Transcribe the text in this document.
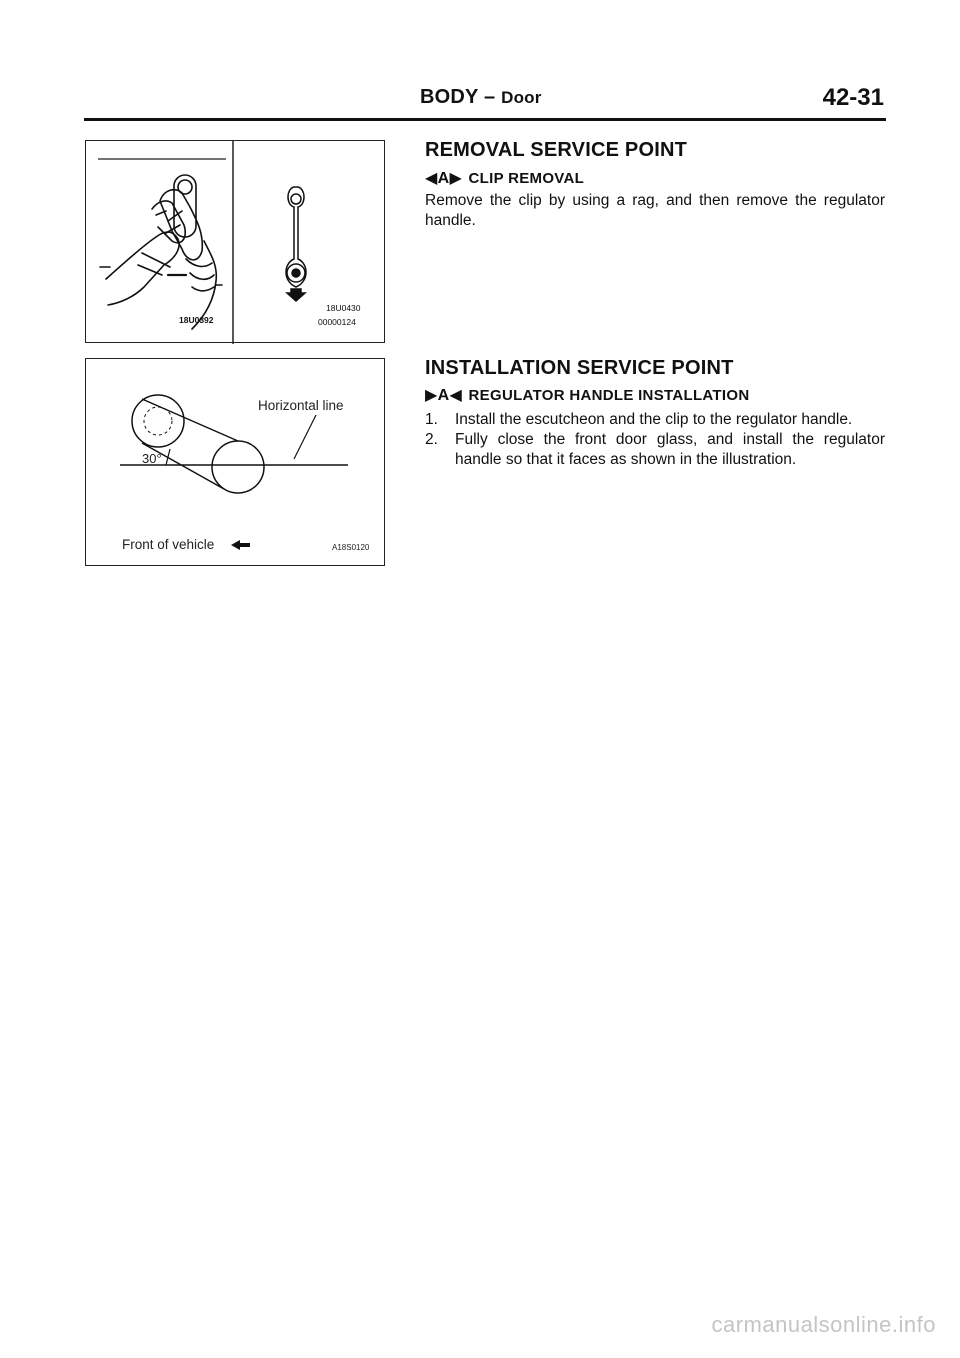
BODY – Door	42-31
18U0392
18U0430
00000124
Horizontal line
30°
Front of vehicle	A18S0120
REMOVAL SERVICE POINT
◀A▶ CLIP REMOVAL
Remove the clip by using a rag, and then remove the regulator handle.
INSTALLATION SERVICE POINT
▶A◀ REGULATOR HANDLE INSTALLATION
1. Install the escutcheon and the clip to the regulator handle.
2. Fully close the front door glass, and install the regulator handle so that it faces as shown in the illustration.
carmanualsonline.info
